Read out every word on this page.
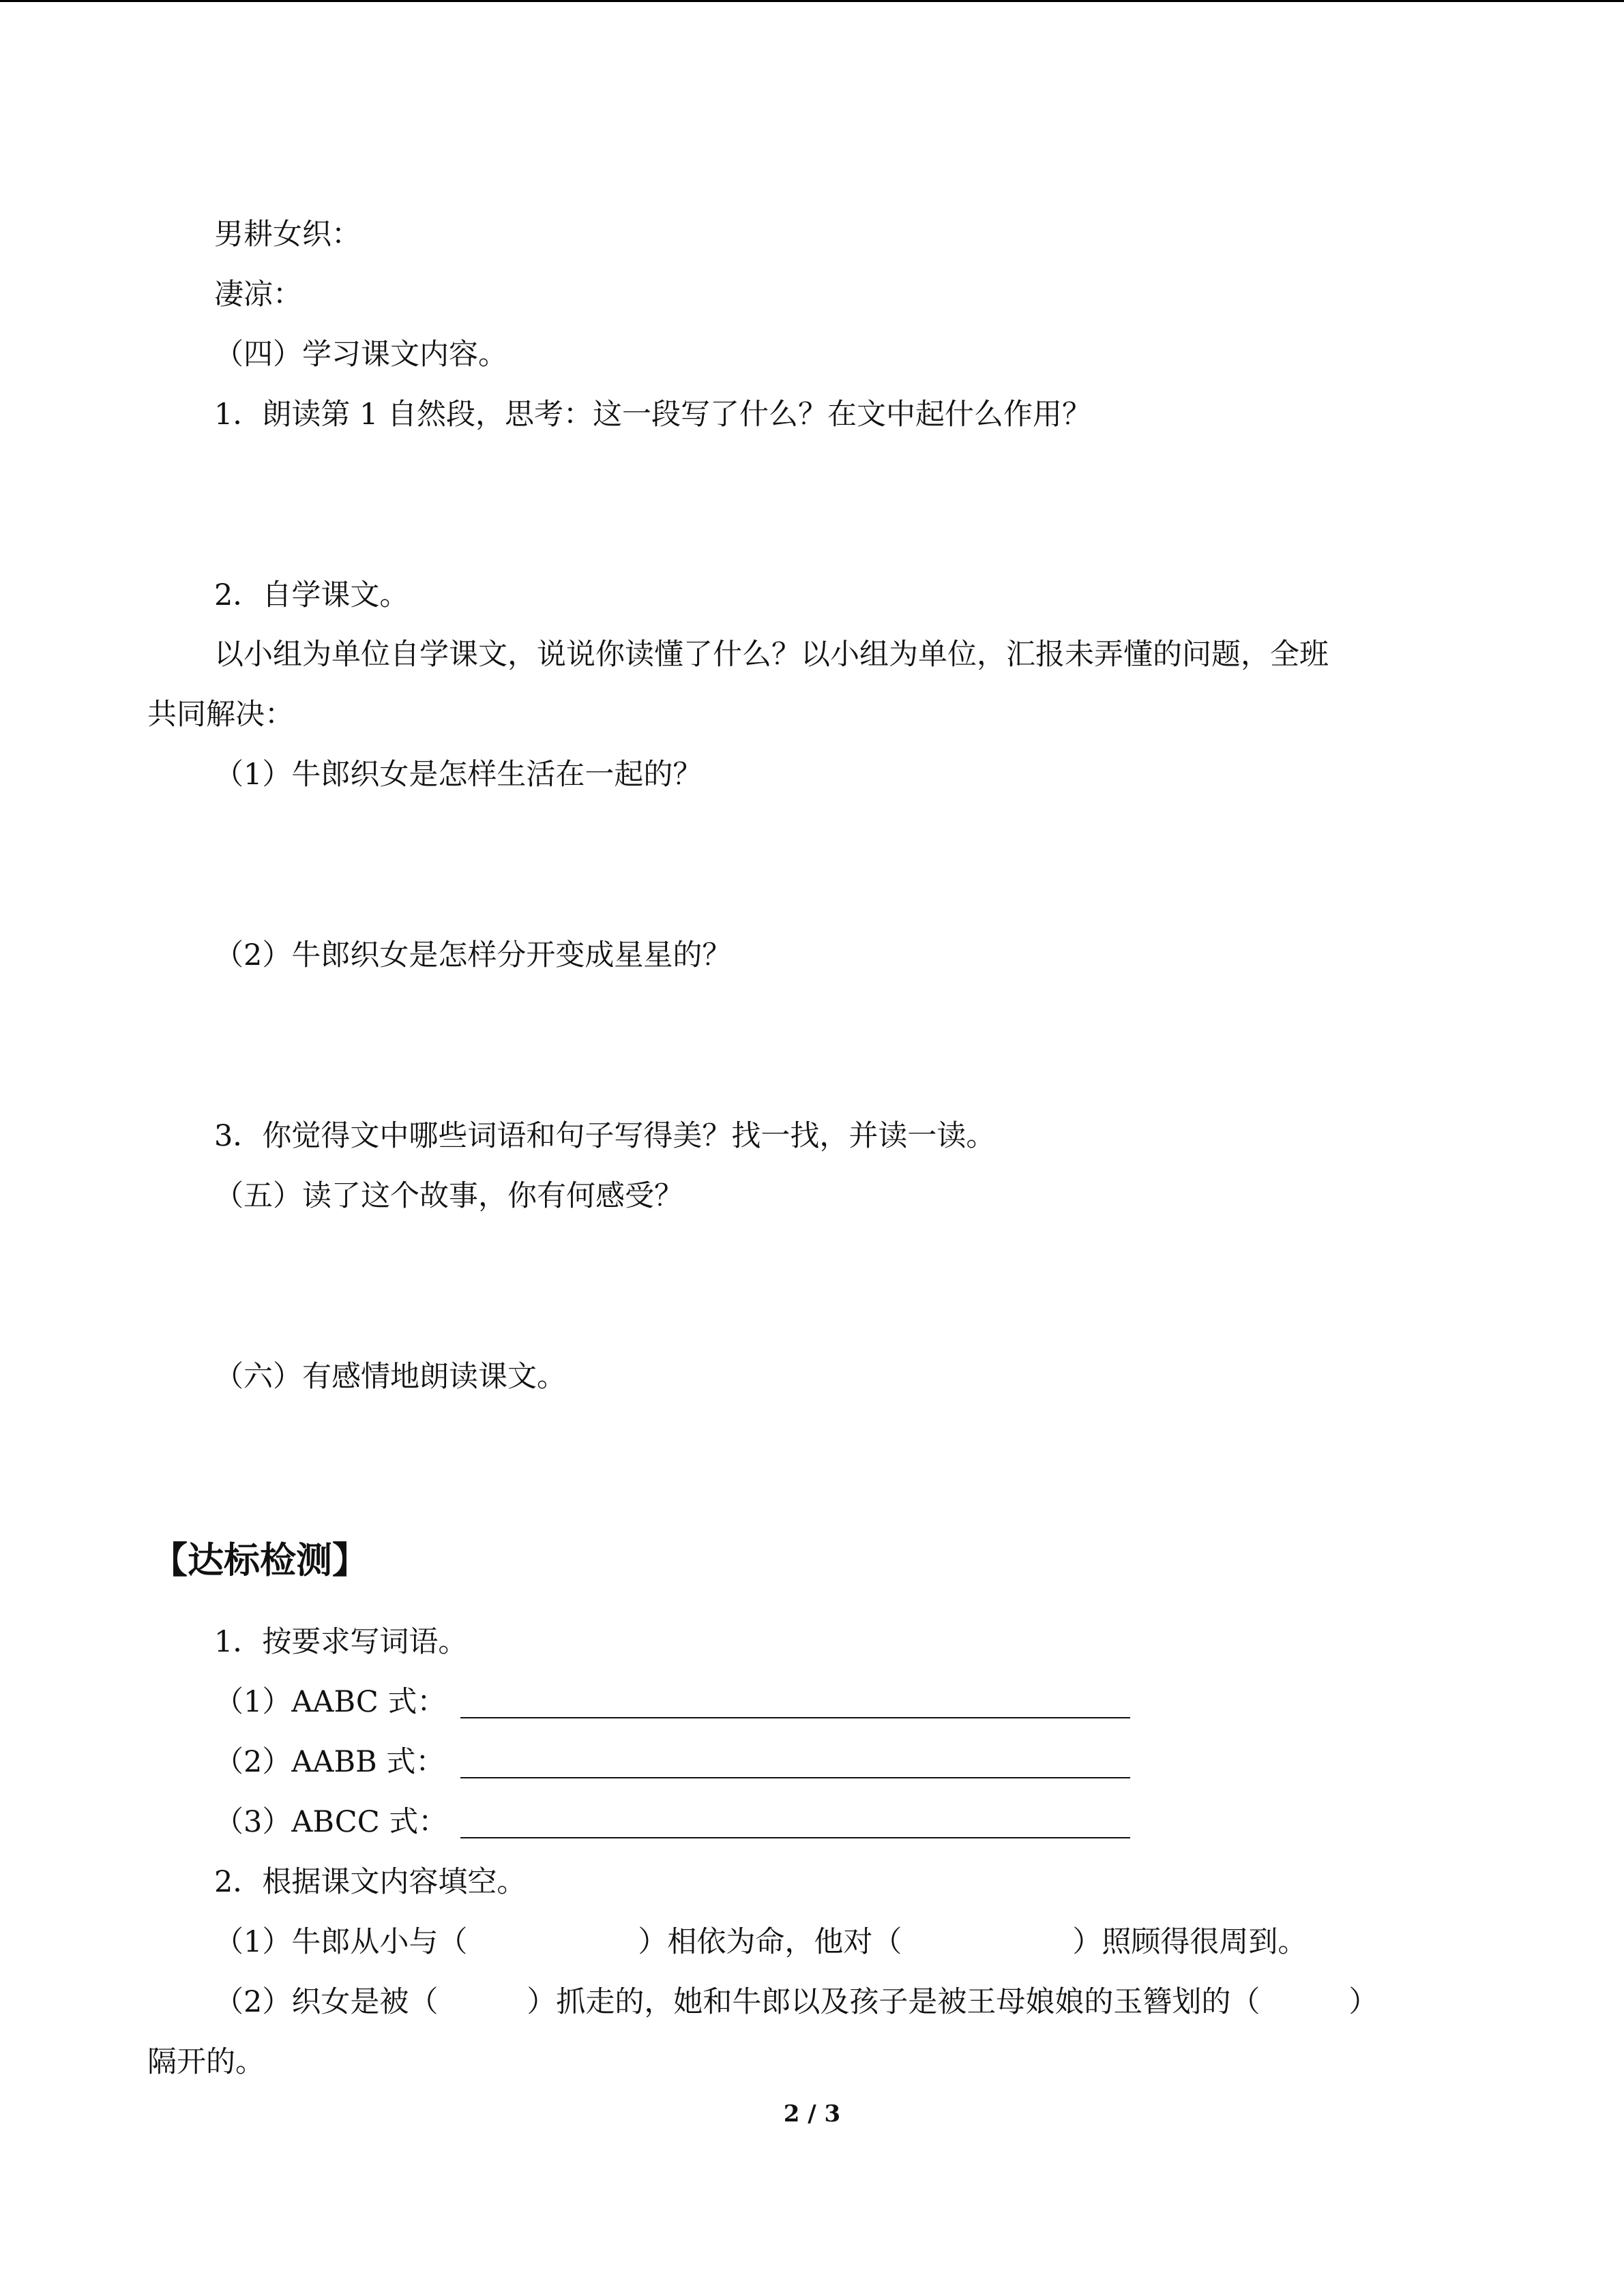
男耕女织：

凄凉：

（四）学习课文内容。

1．朗读第 1 自然段，思考：这一段写了什么？在文中起什么作用？

2．自学课文。

以小组为单位自学课文，说说你读懂了什么？以小组为单位，汇报未弄懂的问题，全班

共同解决：

（1）牛郎织女是怎样生活在一起的？

（2）牛郎织女是怎样分开变成星星的？

3．你觉得文中哪些词语和句子写得美？找一找，并读一读。

（五）读了这个故事，你有何感受？

（六）有感情地朗读课文。

【达标检测】

1．按要求写词语。

（1）AABC 式：

（2）AABB 式：

（3）ABCC 式：

2．根据课文内容填空。

（1）牛郎从小与（	）相依为命，他对（	）照顾得很周到。

（2）织女是被（	）抓走的，她和牛郎以及孩子是被王母娘娘的玉簪划的（	）

隔开的。

2 / 3
